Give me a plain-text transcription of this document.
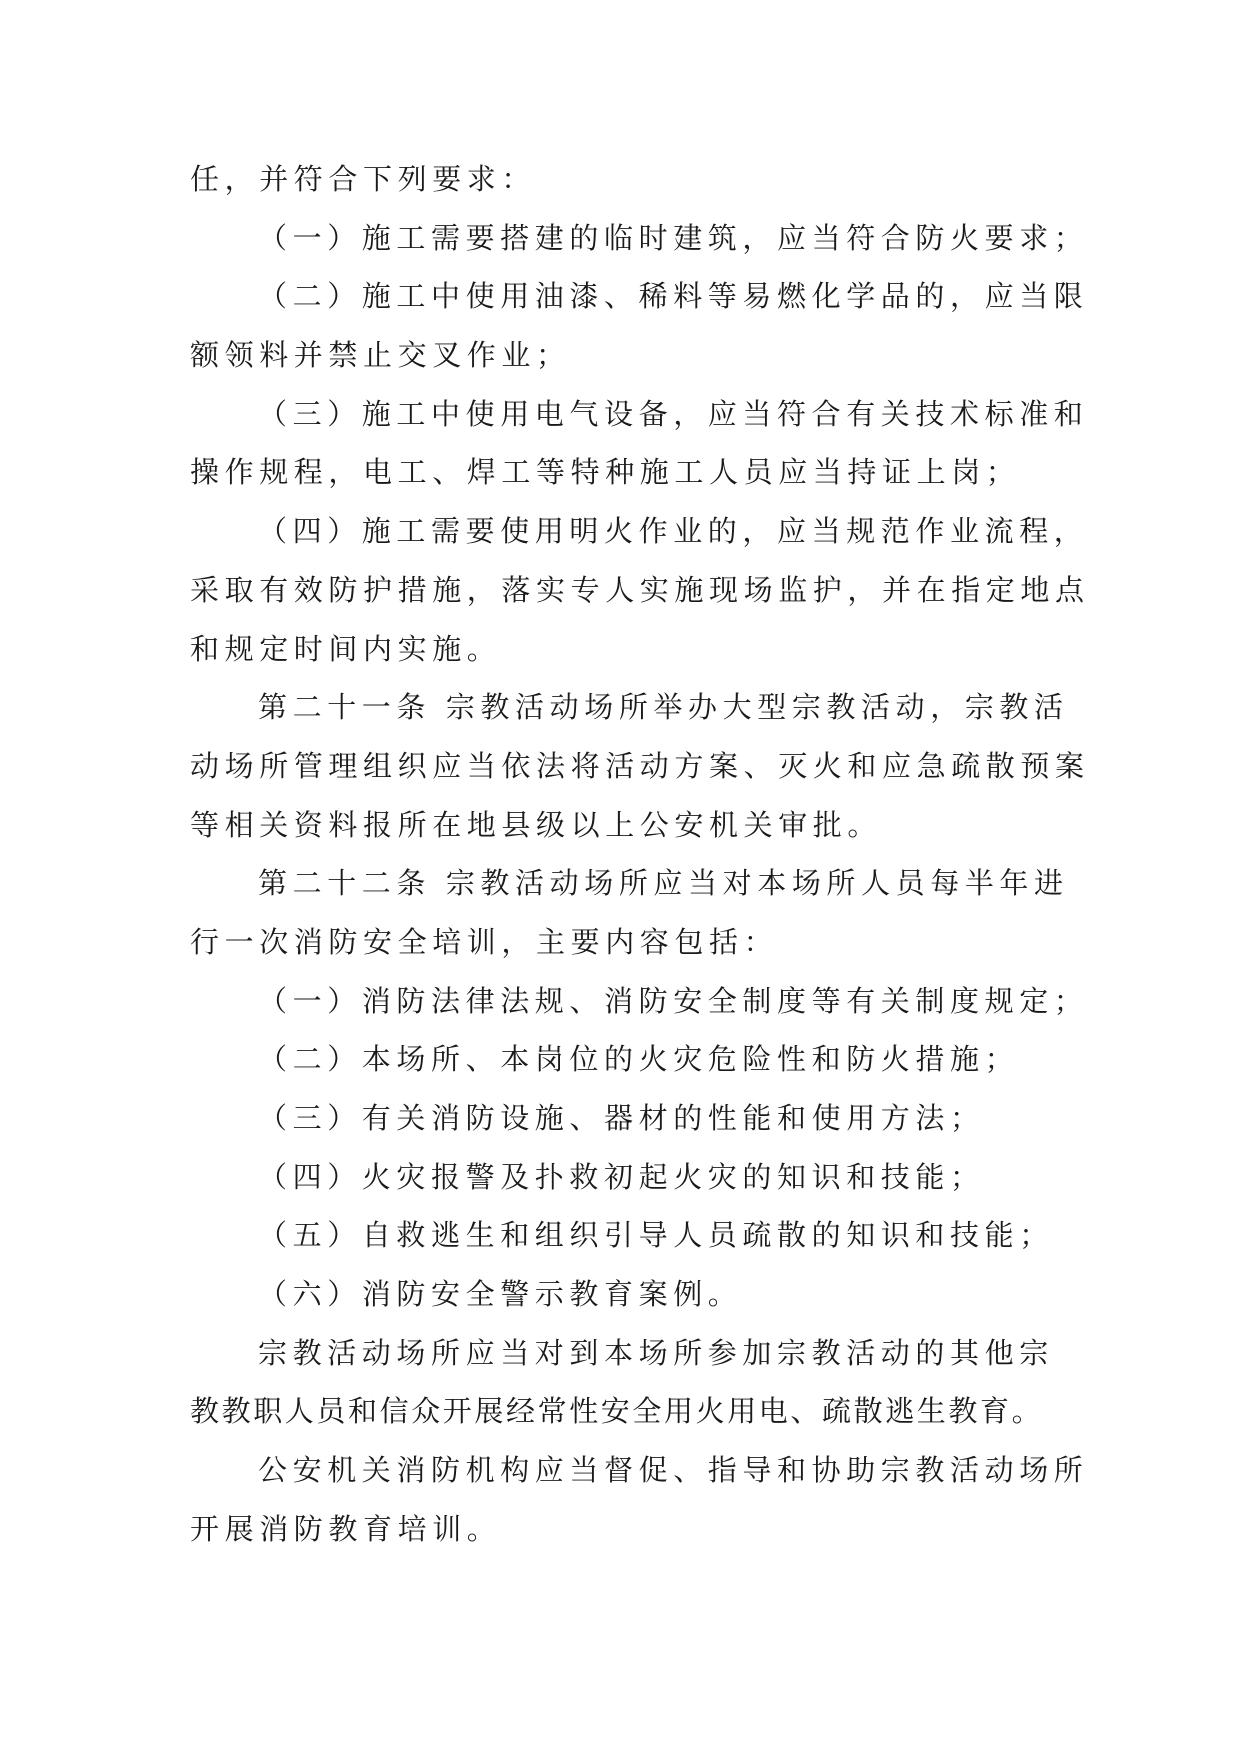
任，并符合下列要求：
（一）施工需要搭建的临时建筑，应当符合防火要求；
（二）施工中使用油漆、稀料等易燃化学品的，应当限
额领料并禁止交叉作业；
（三）施工中使用电气设备，应当符合有关技术标准和
操作规程，电工、焊工等特种施工人员应当持证上岗；
（四）施工需要使用明火作业的，应当规范作业流程，
采取有效防护措施，落实专人实施现场监护，并在指定地点
和规定时间内实施。
第二十一条 宗教活动场所举办大型宗教活动，宗教活
动场所管理组织应当依法将活动方案、灭火和应急疏散预案
等相关资料报所在地县级以上公安机关审批。
第二十二条 宗教活动场所应当对本场所人员每半年进
行一次消防安全培训，主要内容包括：
（一）消防法律法规、消防安全制度等有关制度规定；
（二）本场所、本岗位的火灾危险性和防火措施；
（三）有关消防设施、器材的性能和使用方法；
（四）火灾报警及扑救初起火灾的知识和技能；
（五）自救逃生和组织引导人员疏散的知识和技能；
（六）消防安全警示教育案例。
宗教活动场所应当对到本场所参加宗教活动的其他宗
教教职人员和信众开展经常性安全用火用电、疏散逃生教育。
公安机关消防机构应当督促、指导和协助宗教活动场所
开展消防教育培训。
